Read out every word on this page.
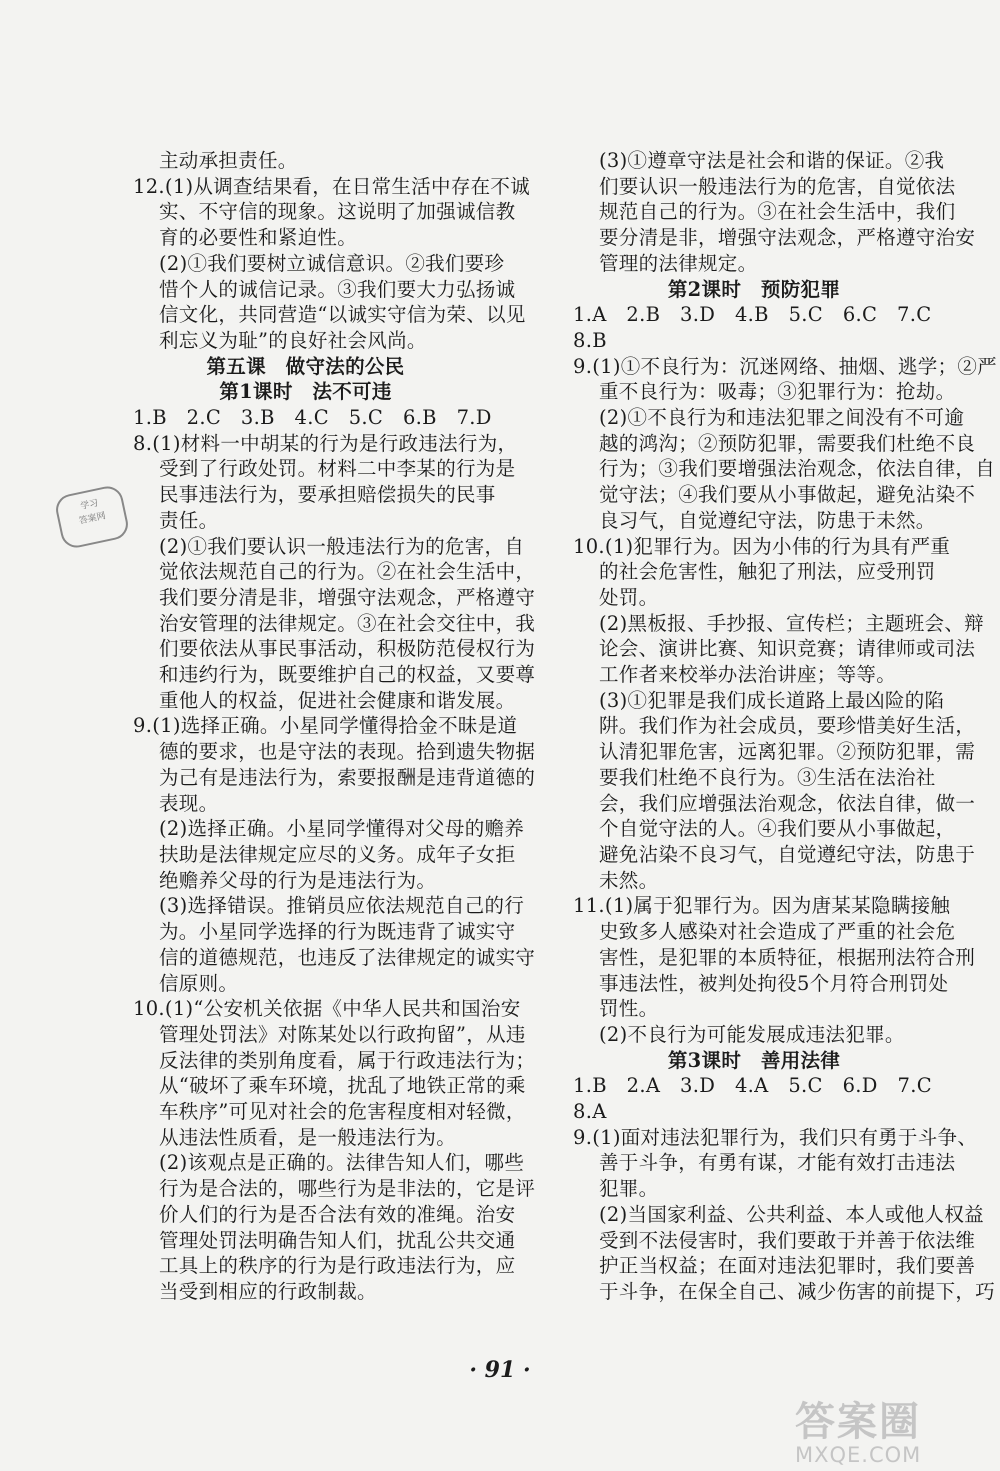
主动承担责任。
12.(1)从调查结果看，在日常生活中存在不诚
实、不守信的现象。这说明了加强诚信教
育的必要性和紧迫性。
(2)①我们要树立诚信意识。②我们要珍
惜个人的诚信记录。③我们要大力弘扬诚
信文化，共同营造“以诚实守信为荣、以见
利忘义为耻”的良好社会风尚。
第五课　做守法的公民
第1课时　法不可违
1.B　2.C　3.B　4.C　5.C　6.B　7.D
8.(1)材料一中胡某的行为是行政违法行为，
受到了行政处罚。材料二中李某的行为是
民事违法行为，要承担赔偿损失的民事
责任。
(2)①我们要认识一般违法行为的危害，自
觉依法规范自己的行为。②在社会生活中，
我们要分清是非，增强守法观念，严格遵守
治安管理的法律规定。③在社会交往中，我
们要依法从事民事活动，积极防范侵权行为
和违约行为，既要维护自己的权益，又要尊
重他人的权益，促进社会健康和谐发展。
9.(1)选择正确。小星同学懂得拾金不昧是道
德的要求，也是守法的表现。拾到遗失物据
为己有是违法行为，索要报酬是违背道德的
表现。
(2)选择正确。小星同学懂得对父母的赡养
扶助是法律规定应尽的义务。成年子女拒
绝赡养父母的行为是违法行为。
(3)选择错误。推销员应依法规范自己的行
为。小星同学选择的行为既违背了诚实守
信的道德规范，也违反了法律规定的诚实守
信原则。
10.(1)“公安机关依据《中华人民共和国治安
管理处罚法》对陈某处以行政拘留”，从违
反法律的类别角度看，属于行政违法行为；
从“破坏了乘车环境，扰乱了地铁正常的乘
车秩序”可见对社会的危害程度相对轻微，
从违法性质看，是一般违法行为。
(2)该观点是正确的。法律告知人们，哪些
行为是合法的，哪些行为是非法的，它是评
价人们的行为是否合法有效的准绳。治安
管理处罚法明确告知人们，扰乱公共交通
工具上的秩序的行为是行政违法行为，应
当受到相应的行政制裁。
(3)①遵章守法是社会和谐的保证。②我
们要认识一般违法行为的危害，自觉依法
规范自己的行为。③在社会生活中，我们
要分清是非，增强守法观念，严格遵守治安
管理的法律规定。
第2课时　预防犯罪
1.A　2.B　3.D　4.B　5.C　6.C　7.C
8.B
9.(1)①不良行为：沉迷网络、抽烟、逃学；②严
重不良行为：吸毒；③犯罪行为：抢劫。
(2)①不良行为和违法犯罪之间没有不可逾
越的鸿沟；②预防犯罪，需要我们杜绝不良
行为；③我们要增强法治观念，依法自律，自
觉守法；④我们要从小事做起，避免沾染不
良习气，自觉遵纪守法，防患于未然。
10.(1)犯罪行为。因为小伟的行为具有严重
的社会危害性，触犯了刑法，应受刑罚
处罚。
(2)黑板报、手抄报、宣传栏；主题班会、辩
论会、演讲比赛、知识竞赛；请律师或司法
工作者来校举办法治讲座；等等。
(3)①犯罪是我们成长道路上最凶险的陷
阱。我们作为社会成员，要珍惜美好生活，
认清犯罪危害，远离犯罪。②预防犯罪，需
要我们杜绝不良行为。③生活在法治社
会，我们应增强法治观念，依法自律，做一
个自觉守法的人。④我们要从小事做起，
避免沾染不良习气，自觉遵纪守法，防患于
未然。
11.(1)属于犯罪行为。因为唐某某隐瞒接触
史致多人感染对社会造成了严重的社会危
害性，是犯罪的本质特征，根据刑法符合刑
事违法性，被判处拘役5个月符合刑罚处
罚性。
(2)不良行为可能发展成违法犯罪。
第3课时　善用法律
1.B　2.A　3.D　4.A　5.C　6.D　7.C
8.A
9.(1)面对违法犯罪行为，我们只有勇于斗争、
善于斗争，有勇有谋，才能有效打击违法
犯罪。
(2)当国家利益、公共利益、本人或他人权益
受到不法侵害时，我们要敢于并善于依法维
护正当权益；在面对违法犯罪时，我们要善
于斗争，在保全自己、减少伤害的前提下，巧
学习
答案网
· 91 ·
答案圈
MXQE.COM
